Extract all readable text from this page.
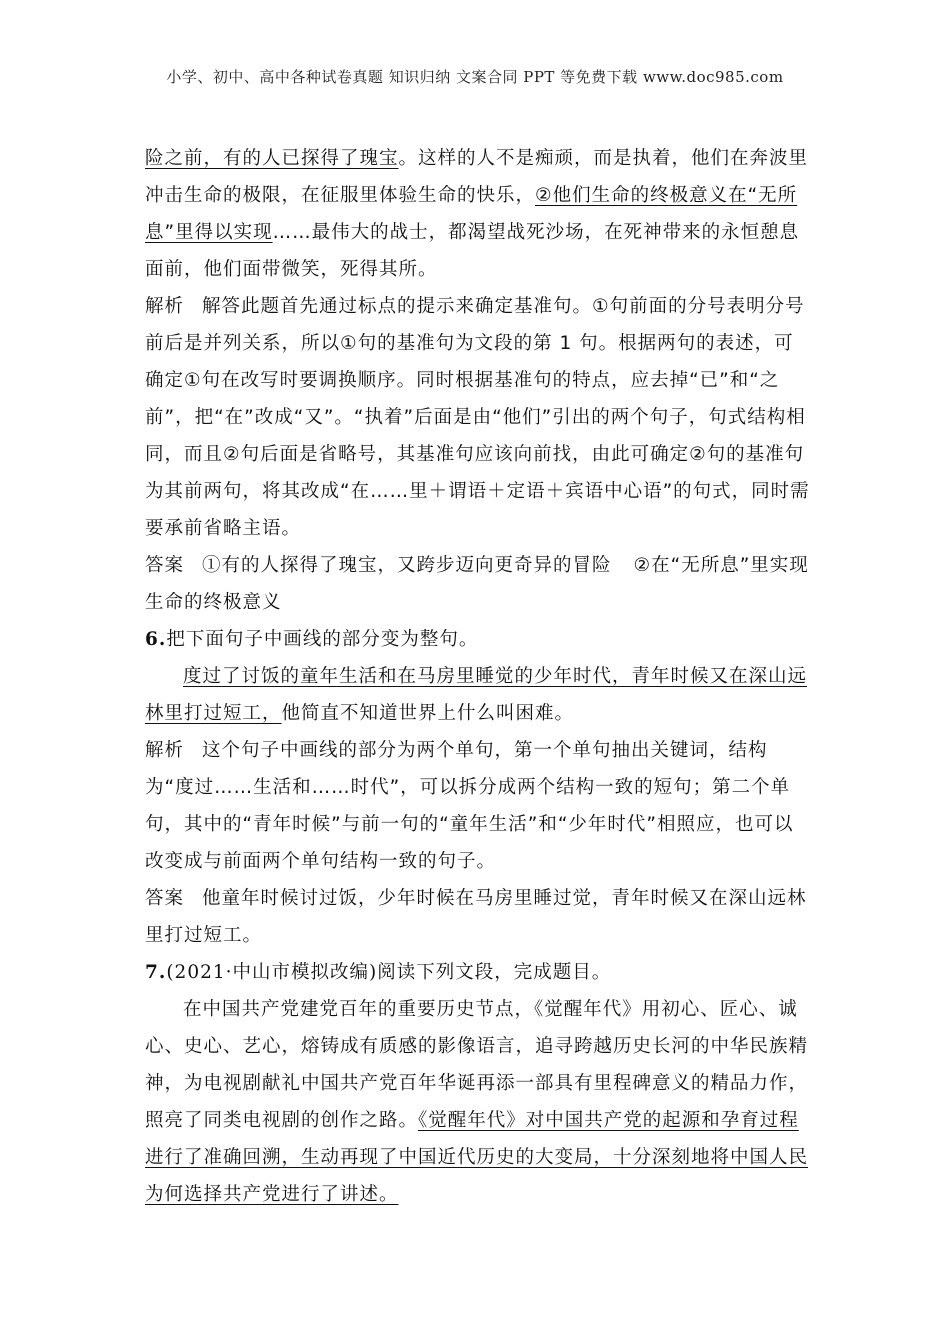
小学、初中、高中各种试卷真题 知识归纳 文案合同 PPT 等免费下载 www.doc985.com

险之前，有的人已探得了瑰宝。这样的人不是痴顽，而是执着，他们在奔波里冲击生命的极限，在征服里体验生命的快乐，②他们生命的终极意义在“无所息”里得以实现……最伟大的战士，都渴望战死沙场，在死神带来的永恒憩息面前，他们面带微笑，死得其所。

解析 解答此题首先通过标点的提示来确定基准句。①句前面的分号表明分号前后是并列关系，所以①句的基准句为文段的第 1 句。根据两句的表述，可确定①句在改写时要调换顺序。同时根据基准句的特点，应去掉“已”和“之前”，把“在”改成“又”。“执着”后面是由“他们”引出的两个句子，句式结构相同，而且②句后面是省略号，其基准句应该向前找，由此可确定②句的基准句为其前两句，将其改成“在……里＋谓语＋定语＋宾语中心语”的句式，同时需要承前省略主语。

答案 ①有的人探得了瑰宝，又跨步迈向更奇异的冒险 ②在“无所息”里实现生命的终极意义

6.把下面句子中画线的部分变为整句。

度过了讨饭的童年生活和在马房里睡觉的少年时代，青年时候又在深山远林里打过短工，他简直不知道世界上什么叫困难。

解析 这个句子中画线的部分为两个单句，第一个单句抽出关键词，结构为“度过……生活和……时代”，可以拆分成两个结构一致的短句；第二个单句，其中的“青年时候”与前一句的“童年生活”和“少年时代”相照应，也可以改变成与前面两个单句结构一致的句子。

答案 他童年时候讨过饭，少年时候在马房里睡过觉，青年时候又在深山远林里打过短工。

7.(2021·中山市模拟改编)阅读下列文段，完成题目。

在中国共产党建党百年的重要历史节点，《觉醒年代》用初心、匠心、诚心、史心、艺心，熔铸成有质感的影像语言，追寻跨越历史长河的中华民族精神，为电视剧献礼中国共产党百年华诞再添一部具有里程碑意义的精品力作，照亮了同类电视剧的创作之路。《觉醒年代》对中国共产党的起源和孕育过程进行了准确回溯，生动再现了中国近代历史的大变局，十分深刻地将中国人民为何选择共产党进行了讲述。
